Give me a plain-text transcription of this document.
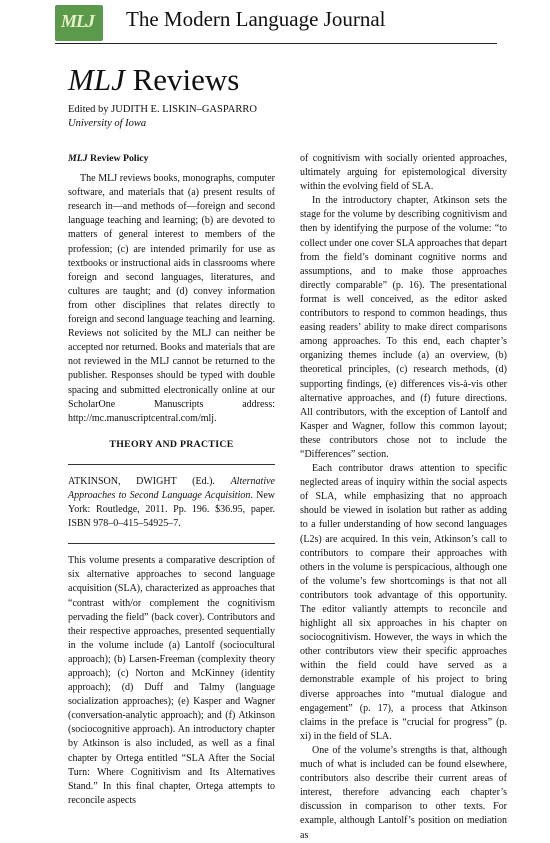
MLJ The Modern Language Journal
MLJ Reviews
Edited by JUDITH E. LISKIN–GASPARRO
University of Iowa
MLJ Review Policy

The MLJ reviews books, monographs, computer software, and materials that (a) present results of research in—and methods of—foreign and second language teaching and learning; (b) are devoted to matters of general interest to members of the profession; (c) are intended primarily for use as textbooks or instructional aids in classrooms where foreign and second languages, literatures, and cultures are taught; and (d) convey information from other disciplines that relates directly to foreign and second language teaching and learning. Reviews not solicited by the MLJ can neither be accepted nor returned. Books and materials that are not reviewed in the MLJ cannot be returned to the publisher. Responses should be typed with double spacing and submitted electronically online at our ScholarOne Manuscripts address: http://mc.manuscriptcentral.com/mlj.

THEORY AND PRACTICE

ATKINSON, DWIGHT (Ed.). Alternative Approaches to Second Language Acquisition. New York: Routledge, 2011. Pp. 196. $36.95, paper. ISBN 978–0–415–54925–7.

This volume presents a comparative description of six alternative approaches to second language acquisition (SLA), characterized as approaches that “contrast with/or complement the cognitivism pervading the field” (back cover). Contributors and their respective approaches, presented sequentially in the volume include (a) Lantolf (sociocultural approach); (b) Larsen-Freeman (complexity theory approach); (c) Norton and McKinney (identity approach); (d) Duff and Talmy (language socialization approaches); (e) Kasper and Wagner (conversation-analytic approach); and (f) Atkinson (sociocognitive approach). An introductory chapter by Atkinson is also included, as well as a final chapter by Ortega entitled “SLA After the Social Turn: Where Cognitivism and Its Alternatives Stand.” In this final chapter, Ortega attempts to reconcile aspects

of cognitivism with socially oriented approaches, ultimately arguing for epistemological diversity within the evolving field of SLA.

In the introductory chapter, Atkinson sets the stage for the volume by describing cognitivism and then by identifying the purpose of the volume: “to collect under one cover SLA approaches that depart from the field’s dominant cognitive norms and assumptions, and to make those approaches directly comparable” (p. 16). The presentational format is well conceived, as the editor asked contributors to respond to common headings, thus easing readers’ ability to make direct comparisons among approaches. To this end, each chapter’s organizing themes include (a) an overview, (b) theoretical principles, (c) research methods, (d) supporting findings, (e) differences vis-à-vis other alternative approaches, and (f) future directions. All contributors, with the exception of Lantolf and Kasper and Wagner, follow this common layout; these contributors chose not to include the “Differences” section.

Each contributor draws attention to specific neglected areas of inquiry within the social aspects of SLA, while emphasizing that no approach should be viewed in isolation but rather as adding to a fuller understanding of how second languages (L2s) are acquired. In this vein, Atkinson’s call to contributors to compare their approaches with others in the volume is perspicacious, although one of the volume’s few shortcomings is that not all contributors took advantage of this opportunity. The editor valiantly attempts to reconcile and highlight all six approaches in his chapter on sociocognitivism. However, the ways in which the other contributors view their specific approaches within the field could have served as a demonstrable example of his project to bring diverse approaches into “mutual dialogue and engagement” (p. 17), a process that Atkinson claims in the preface is “crucial for progress” (p. xi) in the field of SLA.

One of the volume’s strengths is that, although much of what is included can be found elsewhere, contributors also describe their current areas of interest, therefore advancing each chapter’s discussion in comparison to other texts. For example, although Lantolf’s position on mediation as
